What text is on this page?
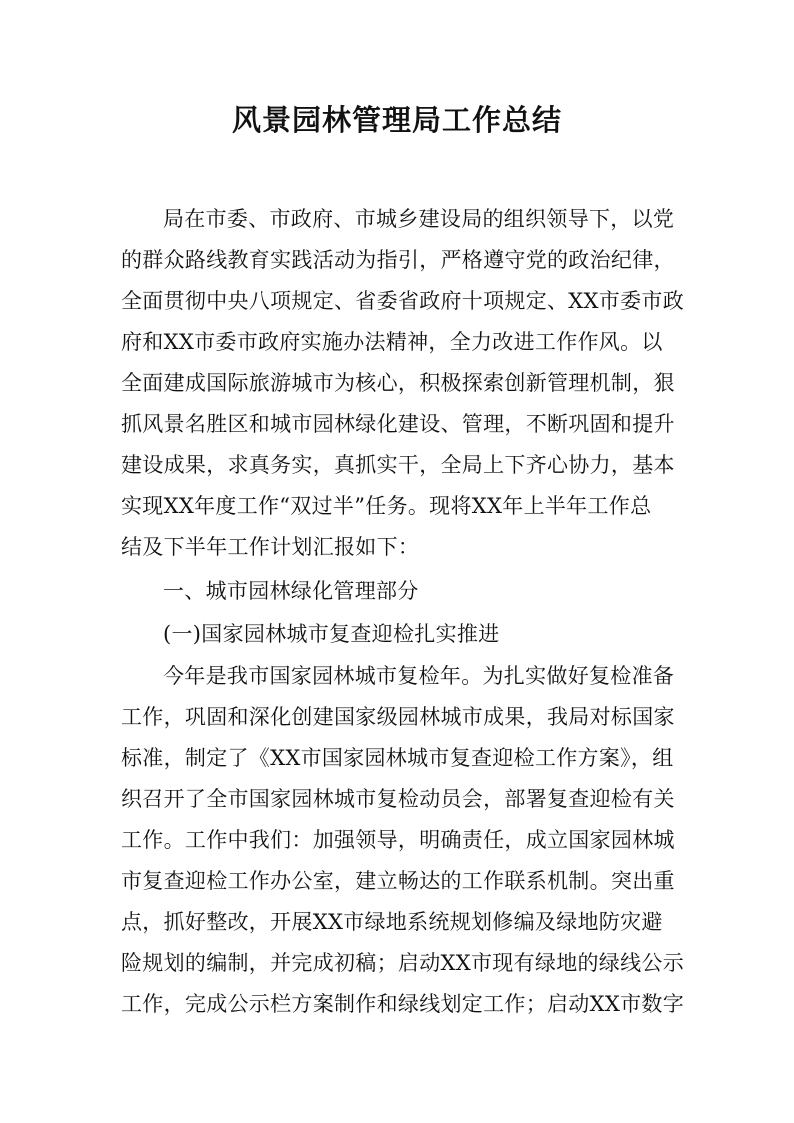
风景园林管理局工作总结
局在市委、市政府、市城乡建设局的组织领导下，以党
的群众路线教育实践活动为指引，严格遵守党的政治纪律，
全面贯彻中央八项规定、省委省政府十项规定、XX市委市政
府和XX市委市政府实施办法精神，全力改进工作作风。以
全面建成国际旅游城市为核心，积极探索创新管理机制，狠
抓风景名胜区和城市园林绿化建设、管理，不断巩固和提升
建设成果，求真务实，真抓实干，全局上下齐心协力，基本
实现XX年度工作“双过半”任务。现将XX年上半年工作总
结及下半年工作计划汇报如下：
一、城市园林绿化管理部分
(一)国家园林城市复查迎检扎实推进
今年是我市国家园林城市复检年。为扎实做好复检准备
工作，巩固和深化创建国家级园林城市成果，我局对标国家
标准，制定了《XX市国家园林城市复查迎检工作方案》，组
织召开了全市国家园林城市复检动员会，部署复查迎检有关
工作。工作中我们：加强领导，明确责任，成立国家园林城
市复查迎检工作办公室，建立畅达的工作联系机制。突出重
点，抓好整改，开展XX市绿地系统规划修编及绿地防灾避
险规划的编制，并完成初稿；启动XX市现有绿地的绿线公示
工作，完成公示栏方案制作和绿线划定工作；启动XX市数字
